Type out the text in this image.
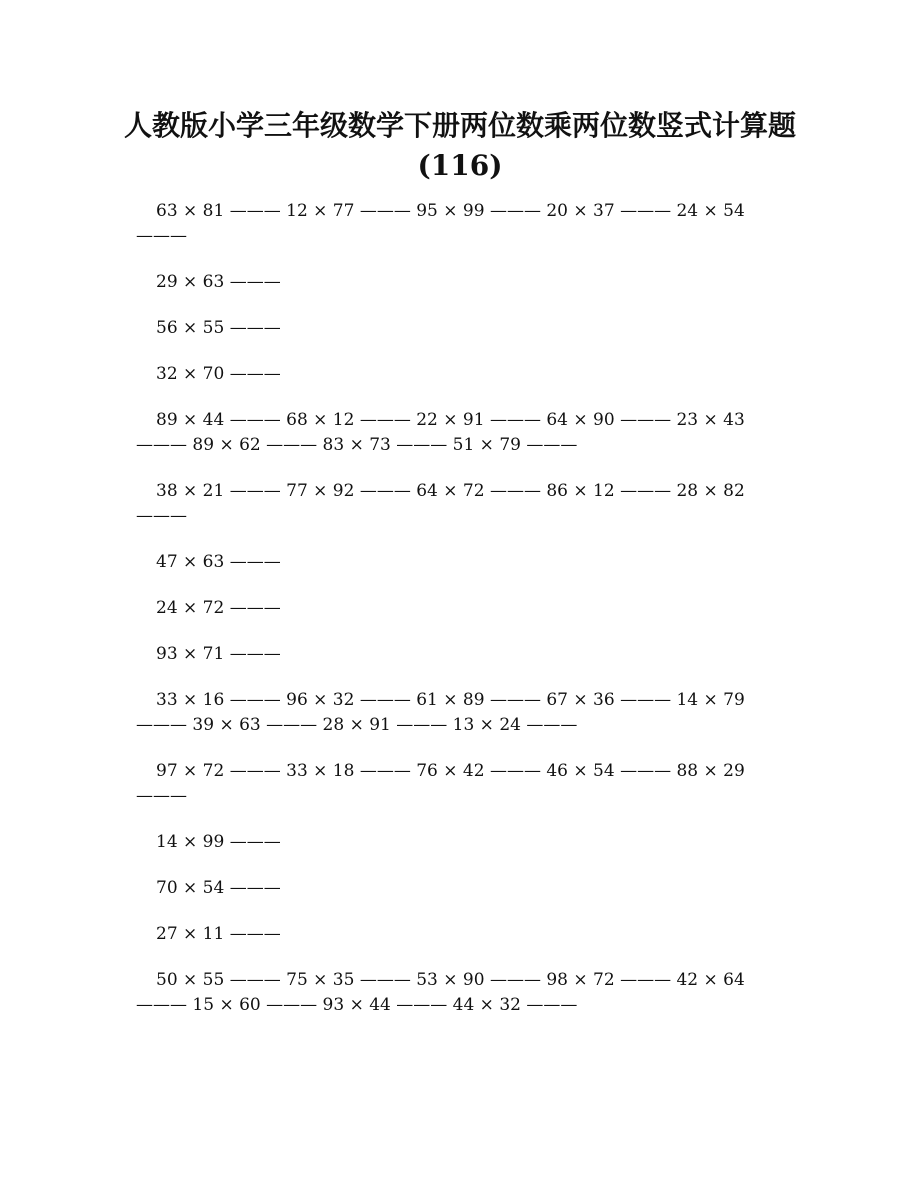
人教版小学三年级数学下册两位数乘两位数竖式计算题 (116)

63 × 81 ——— 12 × 77 ——— 95 × 99 ——— 20 × 37 ——— 24 × 54 ———

29 × 63 ———

56 × 55 ———

32 × 70 ———

89 × 44 ——— 68 × 12 ——— 22 × 91 ——— 64 × 90 ——— 23 × 43 ——— 89 × 62 ——— 83 × 73 ——— 51 × 79 ———

38 × 21 ——— 77 × 92 ——— 64 × 72 ——— 86 × 12 ——— 28 × 82 ———

47 × 63 ———

24 × 72 ———

93 × 71 ———

33 × 16 ——— 96 × 32 ——— 61 × 89 ——— 67 × 36 ——— 14 × 79 ——— 39 × 63 ——— 28 × 91 ——— 13 × 24 ———

97 × 72 ——— 33 × 18 ——— 76 × 42 ——— 46 × 54 ——— 88 × 29 ———

14 × 99 ———

70 × 54 ———

27 × 11 ———

50 × 55 ——— 75 × 35 ——— 53 × 90 ——— 98 × 72 ——— 42 × 64 ——— 15 × 60 ——— 93 × 44 ——— 44 × 32 ———
